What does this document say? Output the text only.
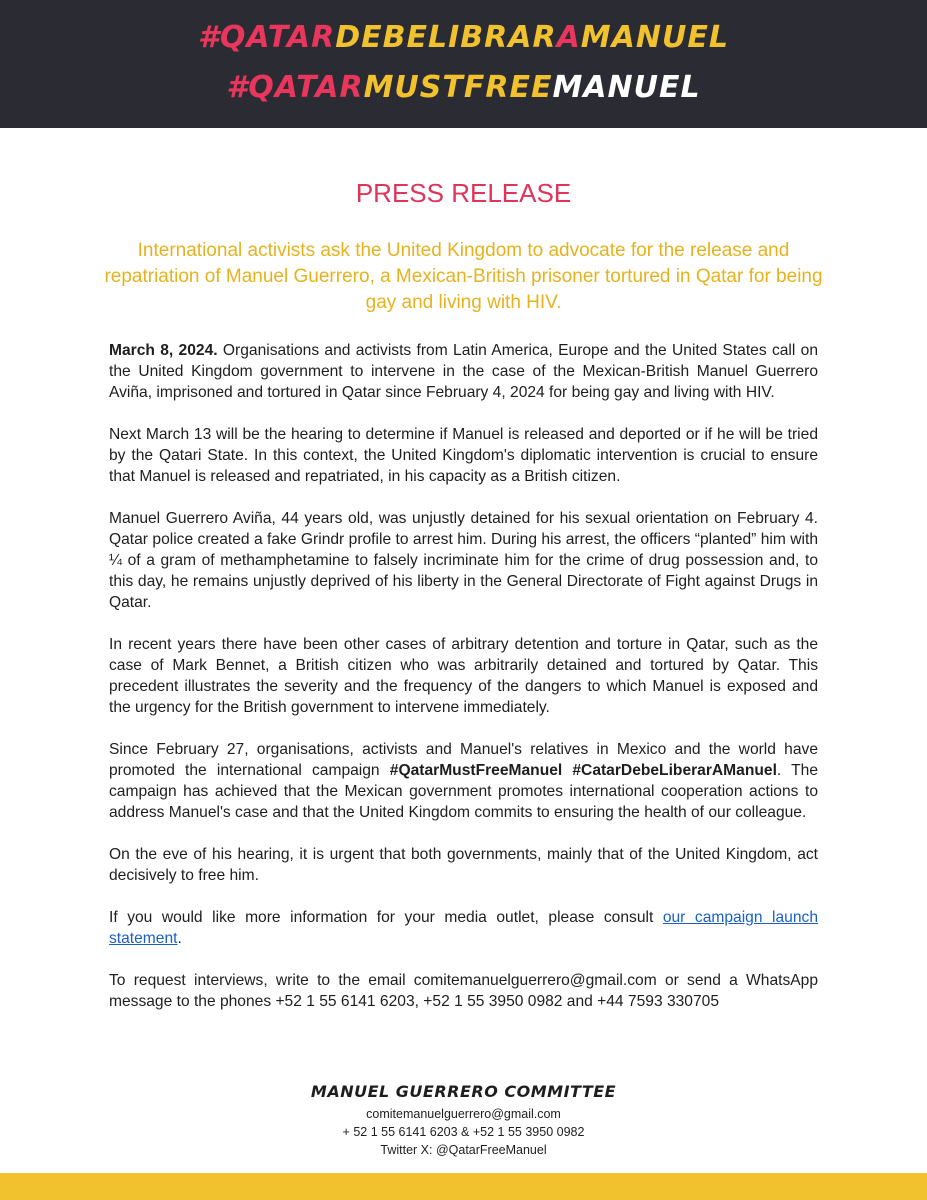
#QATARDEBELIBRARAMANUEL
#QATARMUSTFREEMANUEL
PRESS RELEASE
International activists ask the United Kingdom to advocate for the release and repatriation of Manuel Guerrero, a Mexican-British prisoner tortured in Qatar for being gay and living with HIV.

March 8, 2024. Organisations and activists from Latin America, Europe and the United States call on the United Kingdom government to intervene in the case of the Mexican-British Manuel Guerrero Aviña, imprisoned and tortured in Qatar since February 4, 2024 for being gay and living with HIV.

Next March 13 will be the hearing to determine if Manuel is released and deported or if he will be tried by the Qatari State. In this context, the United Kingdom's diplomatic intervention is crucial to ensure that Manuel is released and repatriated, in his capacity as a British citizen.

Manuel Guerrero Aviña, 44 years old, was unjustly detained for his sexual orientation on February 4. Qatar police created a fake Grindr profile to arrest him. During his arrest, the officers “planted” him with ¼ of a gram of methamphetamine to falsely incriminate him for the crime of drug possession and, to this day, he remains unjustly deprived of his liberty in the General Directorate of Fight against Drugs in Qatar.

In recent years there have been other cases of arbitrary detention and torture in Qatar, such as the case of Mark Bennet, a British citizen who was arbitrarily detained and tortured by Qatar. This precedent illustrates the severity and the frequency of the dangers to which Manuel is exposed and the urgency for the British government to intervene immediately.

Since February 27, organisations, activists and Manuel's relatives in Mexico and the world have promoted the international campaign #QatarMustFreeManuel #CatarDebeLiberarAManuel. The campaign has achieved that the Mexican government promotes international cooperation actions to address Manuel's case and that the United Kingdom commits to ensuring the health of our colleague.

On the eve of his hearing, it is urgent that both governments, mainly that of the United Kingdom, act decisively to free him.

If you would like more information for your media outlet, please consult our campaign launch statement.

To request interviews, write to the email comitemanuelguerrero@gmail.com or send a WhatsApp message to the phones +52 1 55 6141 6203, +52 1 55 3950 0982 and +44 7593 330705

MANUEL GUERRERO COMMITTEE
comitemanuelguerrero@gmail.com
+ 52 1 55 6141 6203 & +52 1 55 3950 0982
Twitter X: @QatarFreeManuel
